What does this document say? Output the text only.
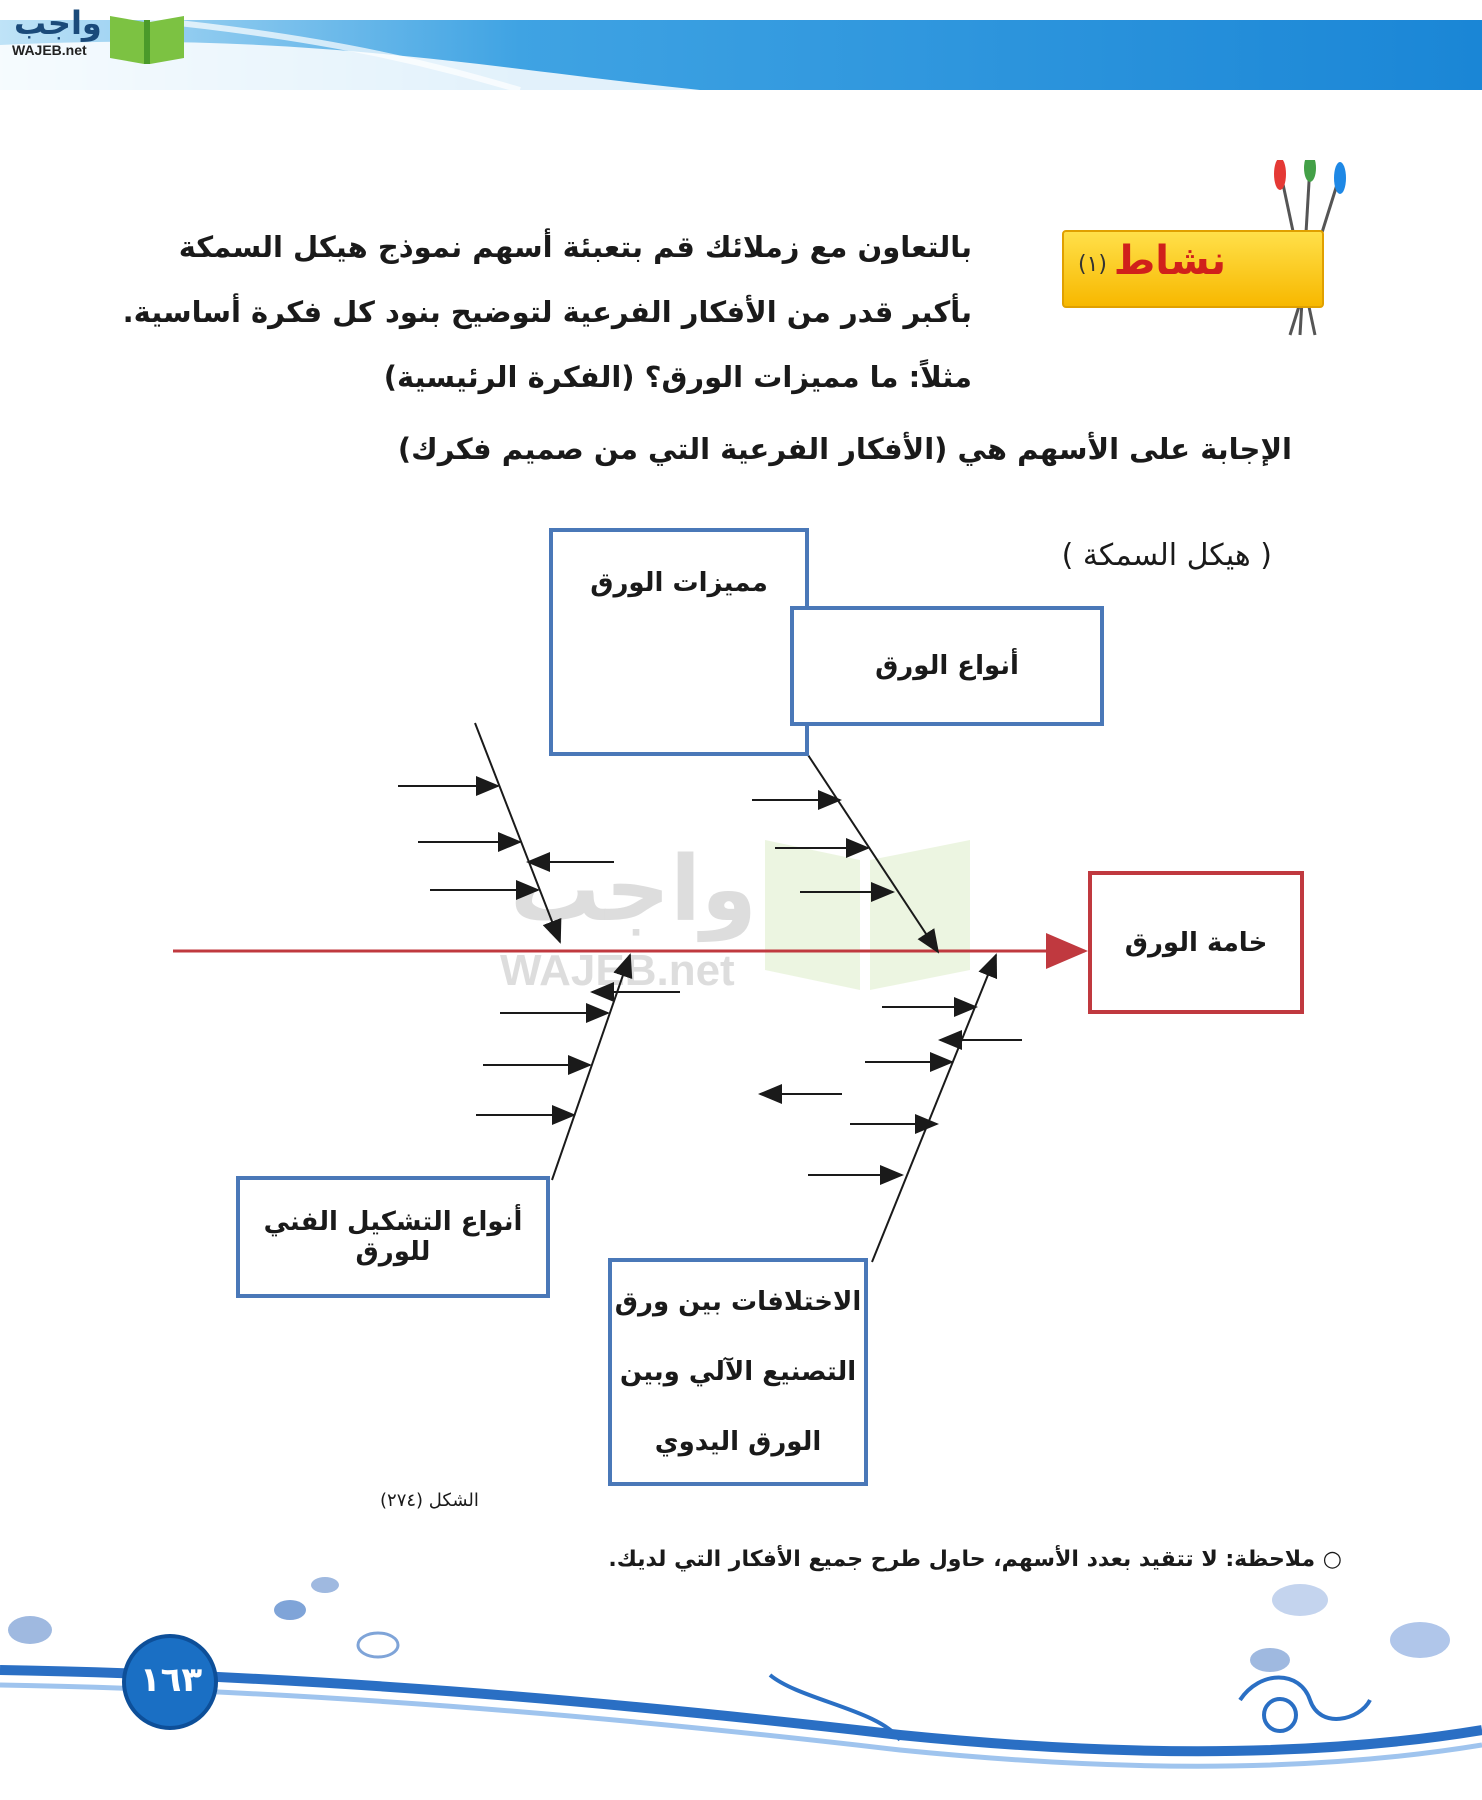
واجب
WAJEB.net
نشاط
(١)
بالتعاون مع زملائك قم بتعبئة أسهم نموذج هيكل السمكة
بأكبر قدر من الأفكار الفرعية لتوضيح بنود كل فكرة أساسية.
مثلاً: ما مميزات الورق؟ (الفكرة الرئيسية)
الإجابة على الأسهم هي (الأفكار الفرعية التي من صميم فكرك)
( هيكل السمكة )
واجب
WAJEB.net
مميزات الورق
أنواع الورق
خامة الورق
أنواع التشكيل الفني للورق
الاختلافات بين ورق
التصنيع الآلي وبين
الورق اليدوي
الشكل (٢٧٤)
○ ملاحظة: لا تتقيد بعدد الأسهم، حاول طرح جميع الأفكار التي لديك.
١٦٣
